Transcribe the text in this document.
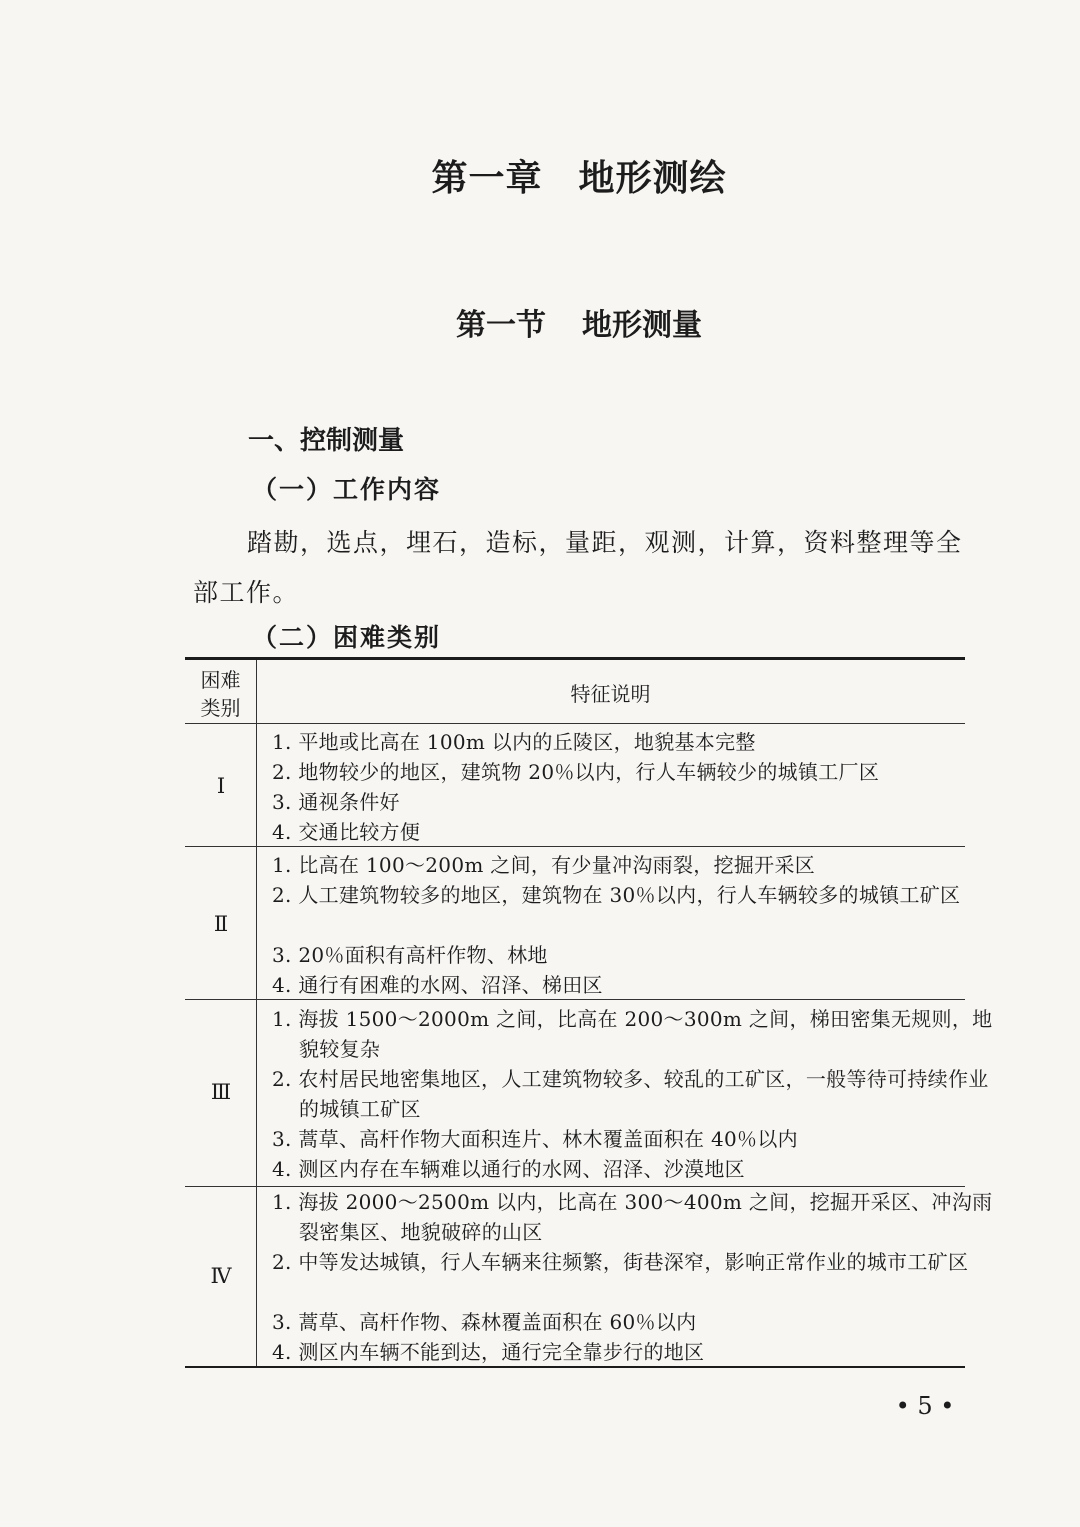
第一章 地形测绘
第一节 地形测量
一、控制测量
（一）工作内容
踏勘，选点，埋石，造标，量距，观测，计算，资料整理等全部工作。
（二）困难类别
困难
类别
特征说明
Ⅰ
1. 平地或比高在 100m 以内的丘陵区，地貌基本完整
2. 地物较少的地区，建筑物 20％以内，行人车辆较少的城镇工厂区
3. 通视条件好
4. 交通比较方便
Ⅱ
1. 比高在 100～200m 之间，有少量冲沟雨裂，挖掘开采区
2. 人工建筑物较多的地区，建筑物在 30％以内，行人车辆较多的城镇工矿区
3. 20％面积有高杆作物、林地
4. 通行有困难的水网、沼泽、梯田区
Ⅲ
1. 海拔 1500～2000m 之间，比高在 200～300m 之间，梯田密集无规则，地貌较复杂
2. 农村居民地密集地区，人工建筑物较多、较乱的工矿区，一般等待可持续作业的城镇工矿区
3. 蒿草、高杆作物大面积连片、林木覆盖面积在 40％以内
4. 测区内存在车辆难以通行的水网、沼泽、沙漠地区
Ⅳ
1. 海拔 2000～2500m 以内，比高在 300～400m 之间，挖掘开采区、冲沟雨裂密集区、地貌破碎的山区
2. 中等发达城镇，行人车辆来往频繁，街巷深窄，影响正常作业的城市工矿区
3. 蒿草、高杆作物、森林覆盖面积在 60％以内
4. 测区内车辆不能到达，通行完全靠步行的地区
• 5 •
